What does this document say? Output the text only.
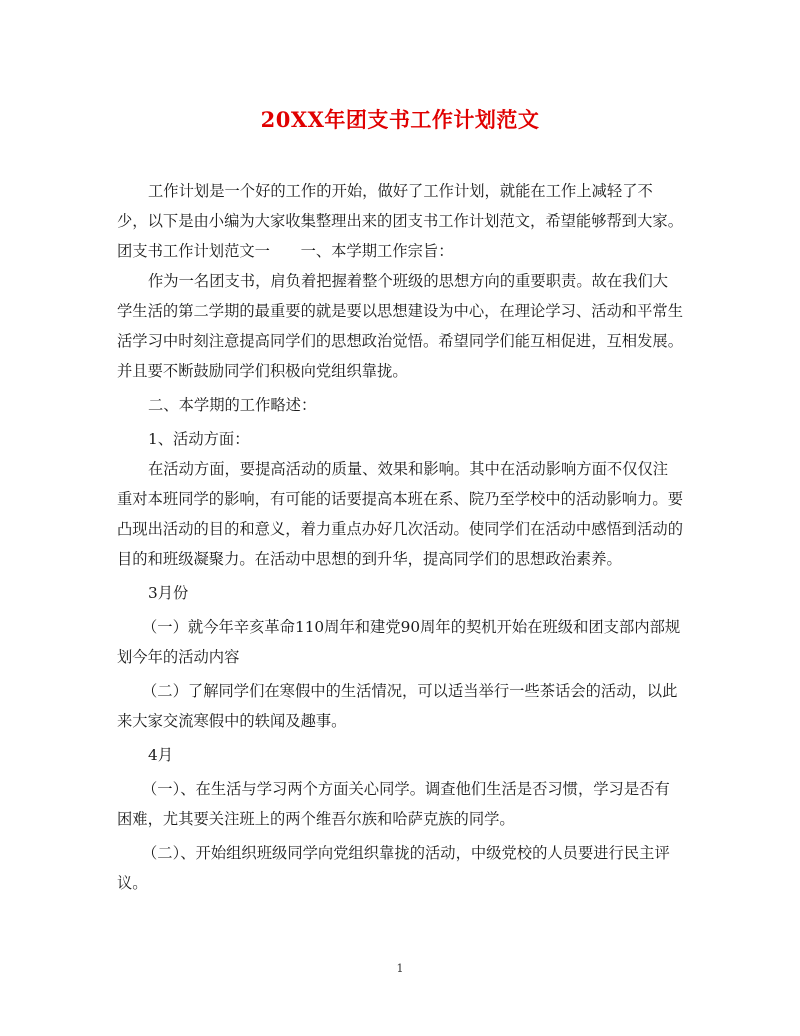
20XX年团支书工作计划范文

工作计划是一个好的工作的开始，做好了工作计划，就能在工作上减轻了不少，以下是由小编为大家收集整理出来的团支书工作计划范文，希望能够帮到大家。

团支书工作计划范文一　　一、本学期工作宗旨：

作为一名团支书，肩负着把握着整个班级的思想方向的重要职责。故在我们大学生活的第二学期的最重要的就是要以思想建设为中心，在理论学习、活动和平常生活学习中时刻注意提高同学们的思想政治觉悟。希望同学们能互相促进，互相发展。并且要不断鼓励同学们积极向党组织靠拢。

二、本学期的工作略述：

1、活动方面：

在活动方面，要提高活动的质量、效果和影响。其中在活动影响方面不仅仅注重对本班同学的影响，有可能的话要提高本班在系、院乃至学校中的活动影响力。要凸现出活动的目的和意义，着力重点办好几次活动。使同学们在活动中感悟到活动的目的和班级凝聚力。在活动中思想的到升华，提高同学们的思想政治素养。

3月份

（一）就今年辛亥革命110周年和建党90周年的契机开始在班级和团支部内部规划今年的活动内容

（二）了解同学们在寒假中的生活情况，可以适当举行一些茶话会的活动，以此来大家交流寒假中的轶闻及趣事。

4月

（一）、在生活与学习两个方面关心同学。调查他们生活是否习惯，学习是否有困难，尤其要关注班上的两个维吾尔族和哈萨克族的同学。

（二）、开始组织班级同学向党组织靠拢的活动，中级党校的人员要进行民主评议。

1
